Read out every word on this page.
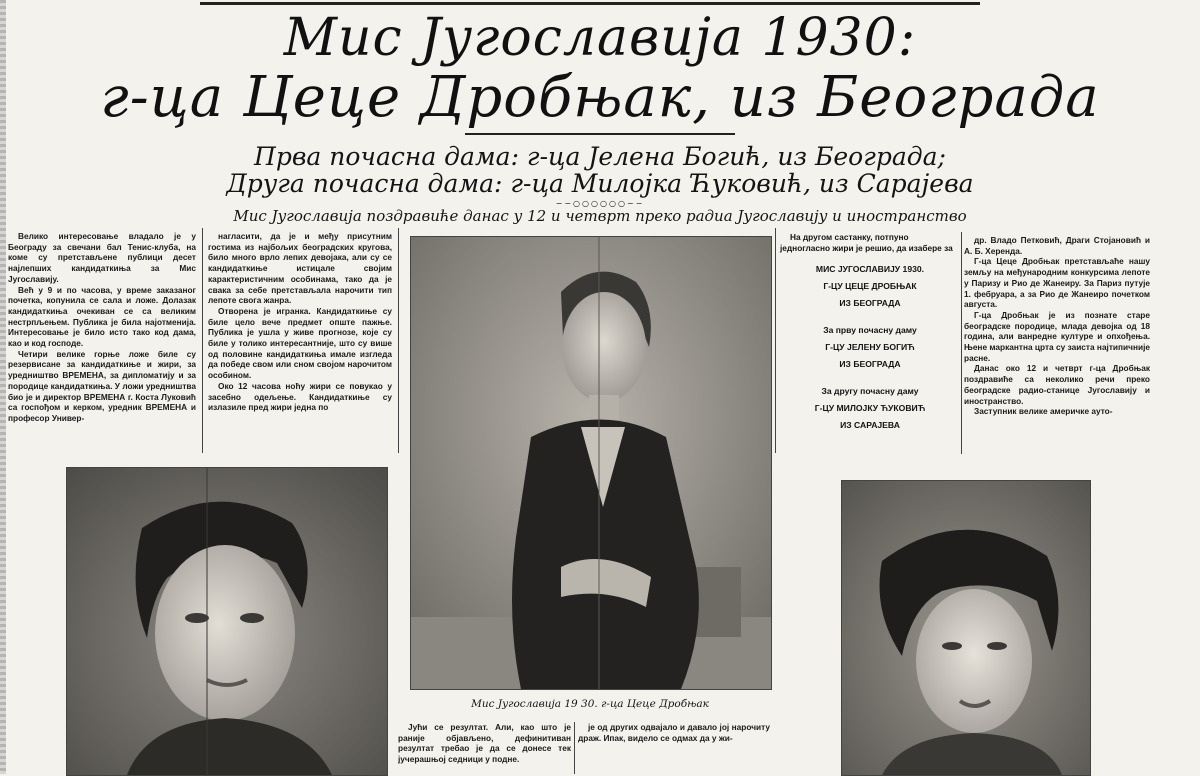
Мис Југославија 1930:
г-ца Цеце Дробњак, из Београда
Прва почасна дама: г-ца Јелена Богић, из Београда;
Друга почасна дама: г-ца Милојка Ћуковић, из Сарајева
−−○○○○○○−−
Мис Југославија поздравиће данас у 12 и четврт преко радиа Југославију и иностранство

Велико интересовање владало је у Београду за свечани бал Тенис-клуба, на коме су претстављене публици десет најлепших кандидаткиња за Мис Југославију.

Већ у 9 и по часова, у време заказаног почетка, копунила се сала и ложе. Долазак кандидаткиња очекиван се са великим нестрпљењем. Публика је била најотменија. Интересовање је било исто тако код дама, као и код господе.

Четири велике горње ложе биле су резервисане за кандидаткиње и жири, за уредништво ВРЕМЕНА, за дипломатију и за породице кандидаткиња. У ложи уредништва био је и директор ВРЕМЕНА г. Коста Луковић са госпођом и керком, уредник ВРЕМЕНА и професор Универ-

нагласити, да је и међу присутним гостима из најбољих београдских кругова, било много врло лепих девојака, али су се кандидаткиње истицале својим карактеристичним особинама, тако да је свака за себе претстављала нарочити тип лепоте свога жанра.

Отворена је игранка. Кандидаткиње су биле цело вече предмет опште пажње. Публика је ушла у живе прогнозе, које су биле у толико интересантније, што су вишe од половине кандидаткиња имале изгледа да победе свом или сном својом нарочитом особином.

Око 12 часова ноћу жири се повукао у засебно одељење. Кандидаткиње су излазиле пред жири једна по

Мис Југославија 19 30. г-ца Цеце Дробњак

На другом састанку, потпуно једногласно жири је решио, да изабере за

МИС ЈУГОСЛАВИЈУ 1930.

Г-ЦУ ЦЕЦЕ ДРОБЊАК

ИЗ БЕОГРАДА

За прву почасну даму

Г-ЦУ ЈЕЛЕНУ БОГИЋ

ИЗ БЕОГРАДА

За другу почасну даму

Г-ЦУ МИЛОЈКУ ЋУКОВИЋ

ИЗ САРАЈЕВА

др. Владо Петковић, Драги Стојановић и А. Б. Херенда.

Г-ца Цеце Дробњак претстављаће нашу земљу на међународним конкурсима лепоте у Паризу и Рио де Жанеиру. За Париз путује 1. фебруара, а за Рио де Жанеиро почетком августа.

Г-ца Дробњак је из познате старе београдске породице, млада девојка од 18 година, али ванредне културе и опхођења. Њене маркантна црта су заиста најтипичније расне.

Данас око 12 и четврт г-ца Дробњак поздравиће са неколико речи преко београдске радио-станице Југославију и иностранство.

Заступник велике америчке ауто-

Јући се резултат. Али, као што је раније објављено, дефинитиван резултат требао је да се донесе тек јучерашњој седници у подне.

је од других одвајало и давало јој нарочиту драж. Ипак, видело се одмах да у жи-
